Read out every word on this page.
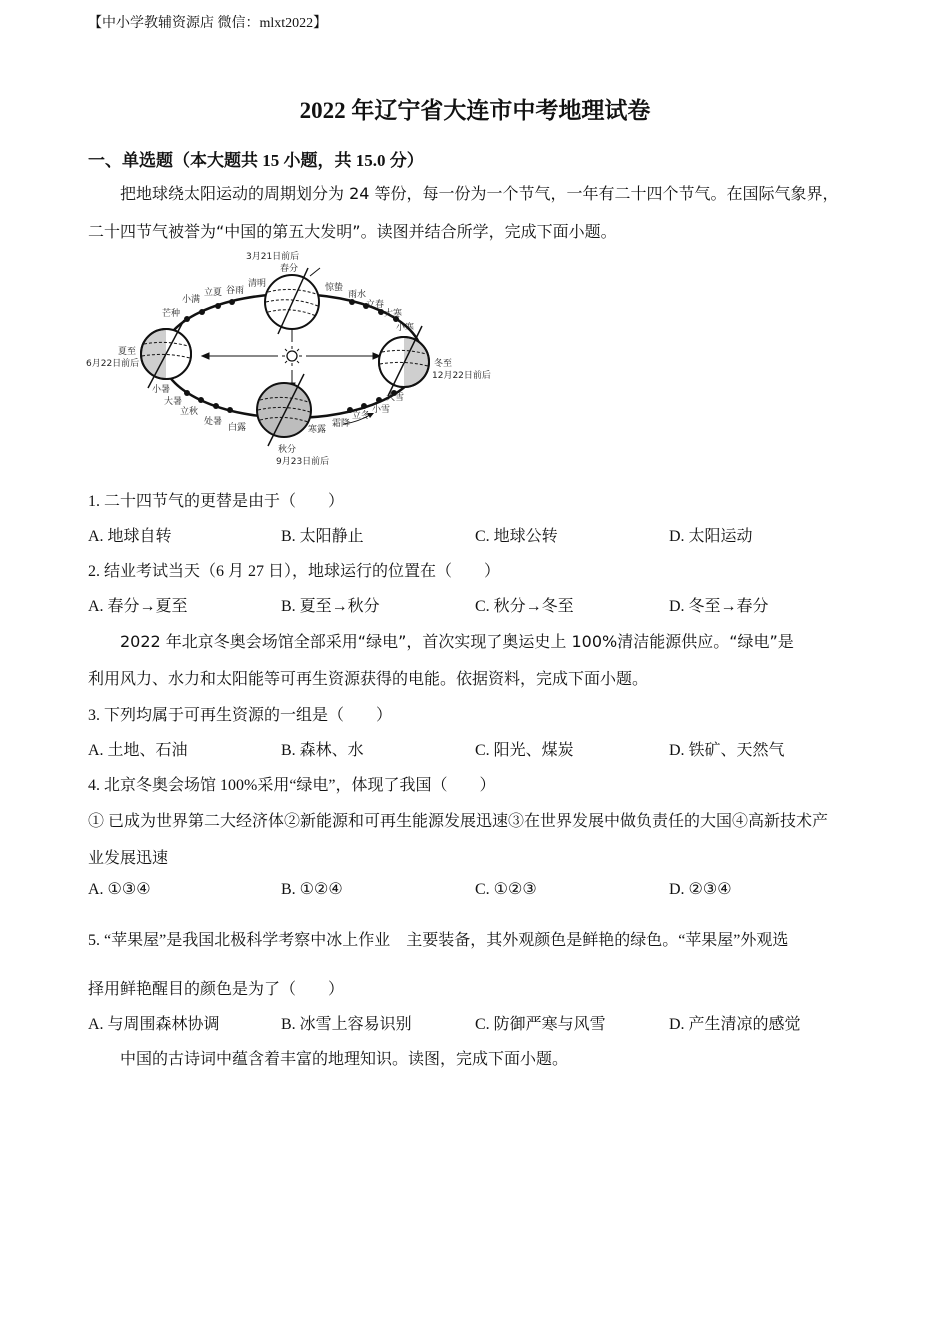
【中小学教辅资源店 微信：mlxt2022】
2022 年辽宁省大连市中考地理试卷
一、单选题（本大题共 15 小题，共 15.0 分）
把地球绕太阳运动的周期划分为 24 等份，每一份为一个节气，一年有二十四个节气。在国际气象界，
二十四节气被誉为“中国的第五大发明”。读图并结合所学，完成下面小题。
3月21日前后
春分
清明
谷雨
立夏
小满
芒种
惊蛰
雨水
立春
大寒
小寒
夏至
6月22日前后	冬至
12月22日前后
小暑
大暑
立秋
处暑
白露	寒露
霜降
立冬
小雪
大雪
秋分
9月23日前后
1. 二十四节气的更替是由于（　　）
A. 地球自转	B. 太阳静止	C. 地球公转	D. 太阳运动
2. 结业考试当天（6 月 27 日），地球运行的位置在（　　）
A. 春分→夏至	B. 夏至→秋分	C. 秋分→冬至	D. 冬至→春分
2022 年北京冬奥会场馆全部采用“绿电”，首次实现了奥运史上 100%清洁能源供应。“绿电”是
利用风力、水力和太阳能等可再生资源获得的电能。依据资料，完成下面小题。
3. 下列均属于可再生资源的一组是（　　）
A. 土地、石油	B. 森林、水	C. 阳光、煤炭	D. 铁矿、天然气
4. 北京冬奥会场馆 100%采用“绿电”，体现了我国（　　）
① 已成为世界第二大经济体②新能源和可再生能源发展迅速③在世界发展中做负责任的大国④高新技术产
业发展迅速
A. ①③④	B. ①②④	C. ①②③	D. ②③④
5. “苹果屋”是我国北极科学考察中冰上作业　主要装备，其外观颜色是鲜艳的绿色。“苹果屋”外观选
择用鲜艳醒目的颜色是为了（　　）
A. 与周围森林协调	B. 冰雪上容易识别	C. 防御严寒与风雪	D. 产生清凉的感觉
中国的古诗词中蕴含着丰富的地理知识。读图，完成下面小题。
